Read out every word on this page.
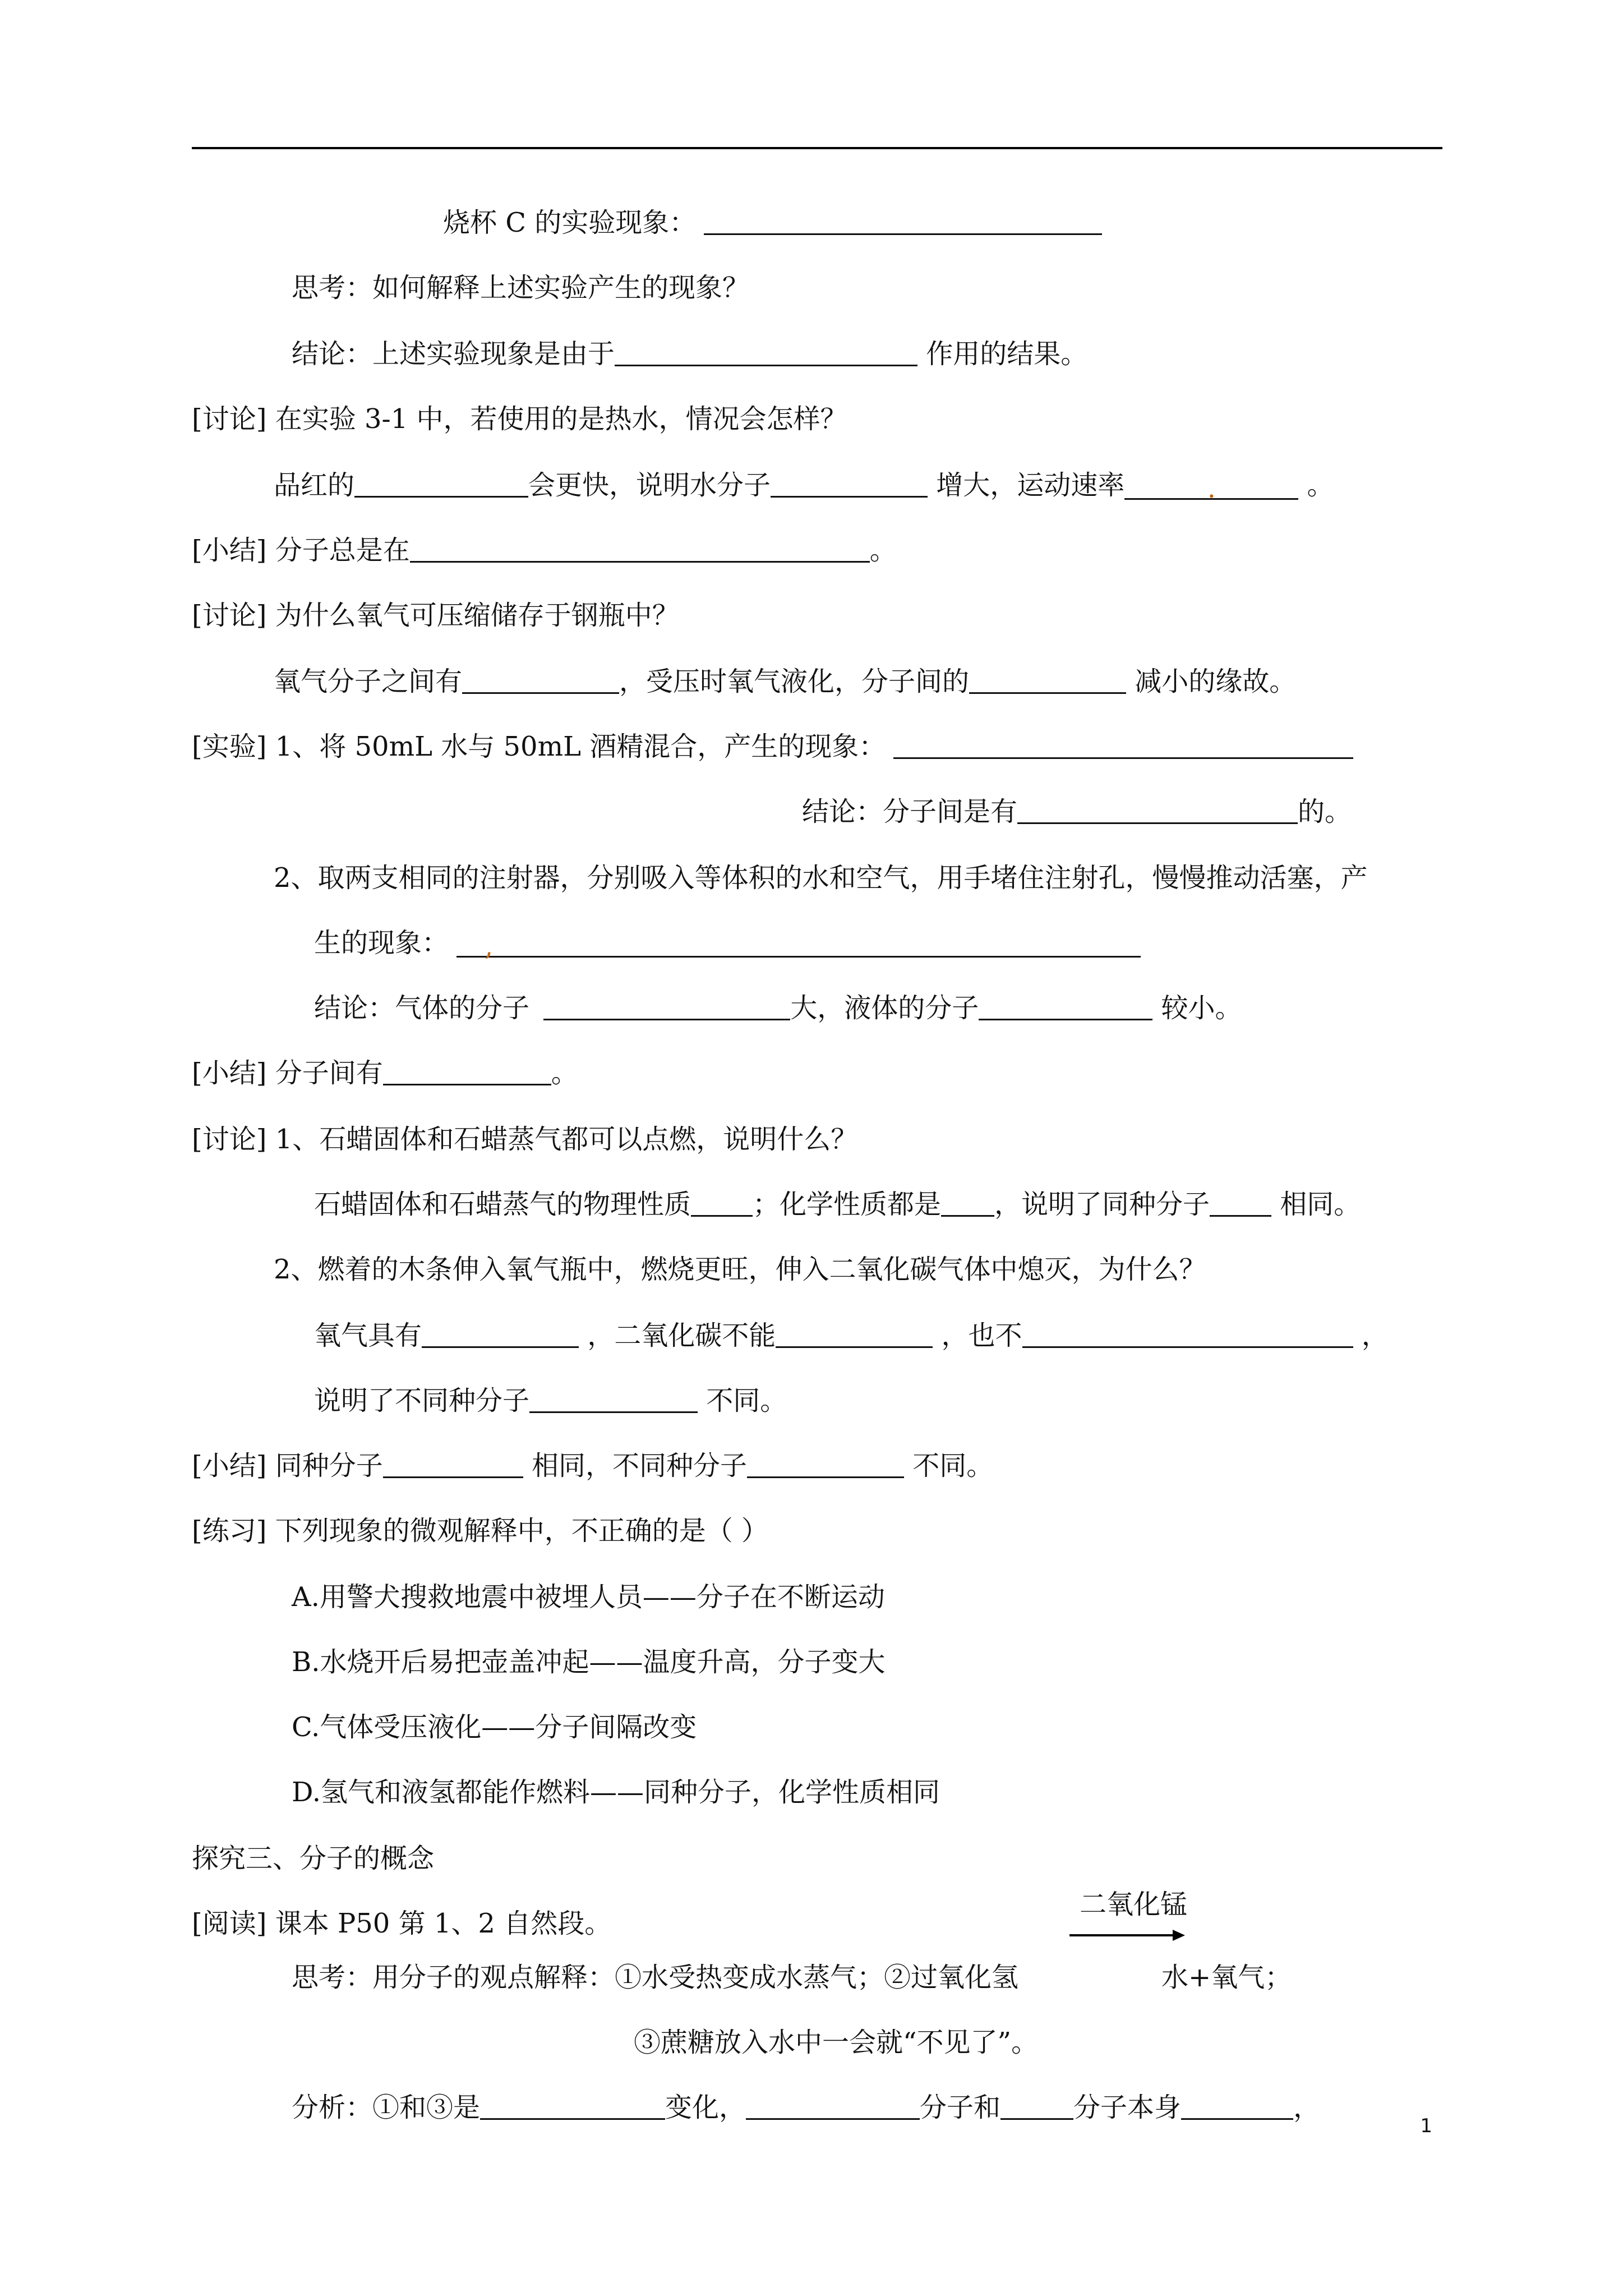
烧杯 C 的实验现象：
思考：如何解释上述实验产生的现象？
结论：上述实验现象是由于	作用的结果。
[讨论] 在实验 3-1 中，若使用的是热水，情况会怎样？
品红的	会更快，说明水分子	增大，运动速率	.	。
[小结] 分子总是在	。
[讨论] 为什么氧气可压缩储存于钢瓶中？
氧气分子之间有	，受压时氧气液化，分子间的	减小的缘故。
[实验] 1、将 50mL 水与 50mL 酒精混合，产生的现象：
结论：分子间是有	的。
2、取两支相同的注射器，分别吸入等体积的水和空气，用手堵住注射孔，慢慢推动活塞，产
生的现象： ,
结论：气体的分子	大，液体的分子	较小。
[小结] 分子间有	。
[讨论] 1、石蜡固体和石蜡蒸气都可以点燃，说明什么？
石蜡固体和石蜡蒸气的物理性质 ；化学性质都是 ，说明了同种分子 相同。
2、燃着的木条伸入氧气瓶中，燃烧更旺，伸入二氧化碳气体中熄灭，为什么？
氧气具有	，二氧化碳不能	，也不	，
说明了不同种分子	不同。
[小结] 同种分子	相同，不同种分子	不同。
[练习] 下列现象的微观解释中，不正确的是（ ）
A.用警犬搜救地震中被埋人员——分子在不断运动
B.水烧开后易把壶盖冲起——温度升高，分子变大
C.气体受压液化——分子间隔改变
D.氢气和液氢都能作燃料——同种分子，化学性质相同
探究三、分子的概念
[阅读] 课本 P50 第 1、2 自然段。
二氧化锰
思考：用分子的观点解释：①水受热变成水蒸气；②过氧化氢	水+氧气；
③蔗糖放入水中一会就“不见了”。
分析：①和③是	变化，	分子和	分子本身	，
1
